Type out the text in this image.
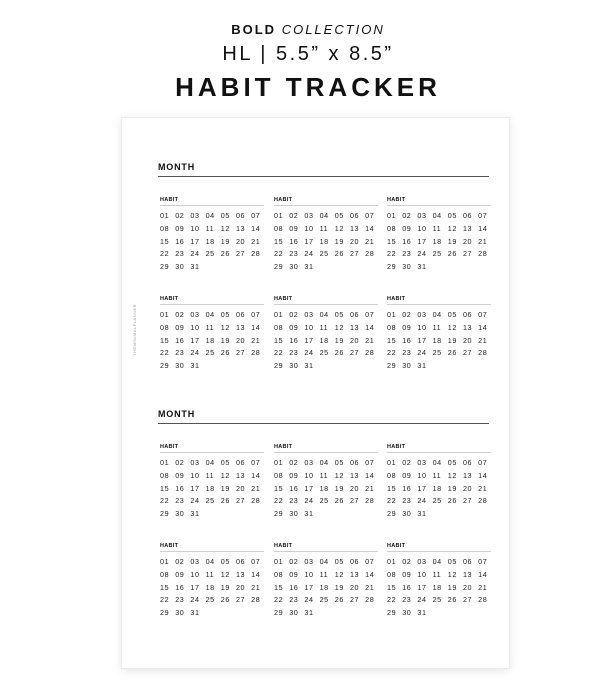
BOLD COLLECTION
HL | 5.5” x 8.5”
HABIT TRACKER
THEMINIMALPLANNER
MONTH
HABIT
01 02 03 04 05 06 07
08 09 10 11 12 13 14
15 16 17 18 19 20 21
22 23 24 25 26 27 28
29 30 31
HABIT
01 02 03 04 05 06 07
08 09 10 11 12 13 14
15 16 17 18 19 20 21
22 23 24 25 26 27 28
29 30 31
HABIT
01 02 03 04 05 06 07
08 09 10 11 12 13 14
15 16 17 18 19 20 21
22 23 24 25 26 27 28
29 30 31
HABIT
01 02 03 04 05 06 07
08 09 10 11 12 13 14
15 16 17 18 19 20 21
22 23 24 25 26 27 28
29 30 31
HABIT
01 02 03 04 05 06 07
08 09 10 11 12 13 14
15 16 17 18 19 20 21
22 23 24 25 26 27 28
29 30 31
HABIT
01 02 03 04 05 06 07
08 09 10 11 12 13 14
15 16 17 18 19 20 21
22 23 24 25 26 27 28
29 30 31
MONTH
HABIT
01 02 03 04 05 06 07
08 09 10 11 12 13 14
15 16 17 18 19 20 21
22 23 24 25 26 27 28
29 30 31
HABIT
01 02 03 04 05 06 07
08 09 10 11 12 13 14
15 16 17 18 19 20 21
22 23 24 25 26 27 28
29 30 31
HABIT
01 02 03 04 05 06 07
08 09 10 11 12 13 14
15 16 17 18 19 20 21
22 23 24 25 26 27 28
29 30 31
HABIT
01 02 03 04 05 06 07
08 09 10 11 12 13 14
15 16 17 18 19 20 21
22 23 24 25 26 27 28
29 30 31
HABIT
01 02 03 04 05 06 07
08 09 10 11 12 13 14
15 16 17 18 19 20 21
22 23 24 25 26 27 28
29 30 31
HABIT
01 02 03 04 05 06 07
08 09 10 11 12 13 14
15 16 17 18 19 20 21
22 23 24 25 26 27 28
29 30 31
